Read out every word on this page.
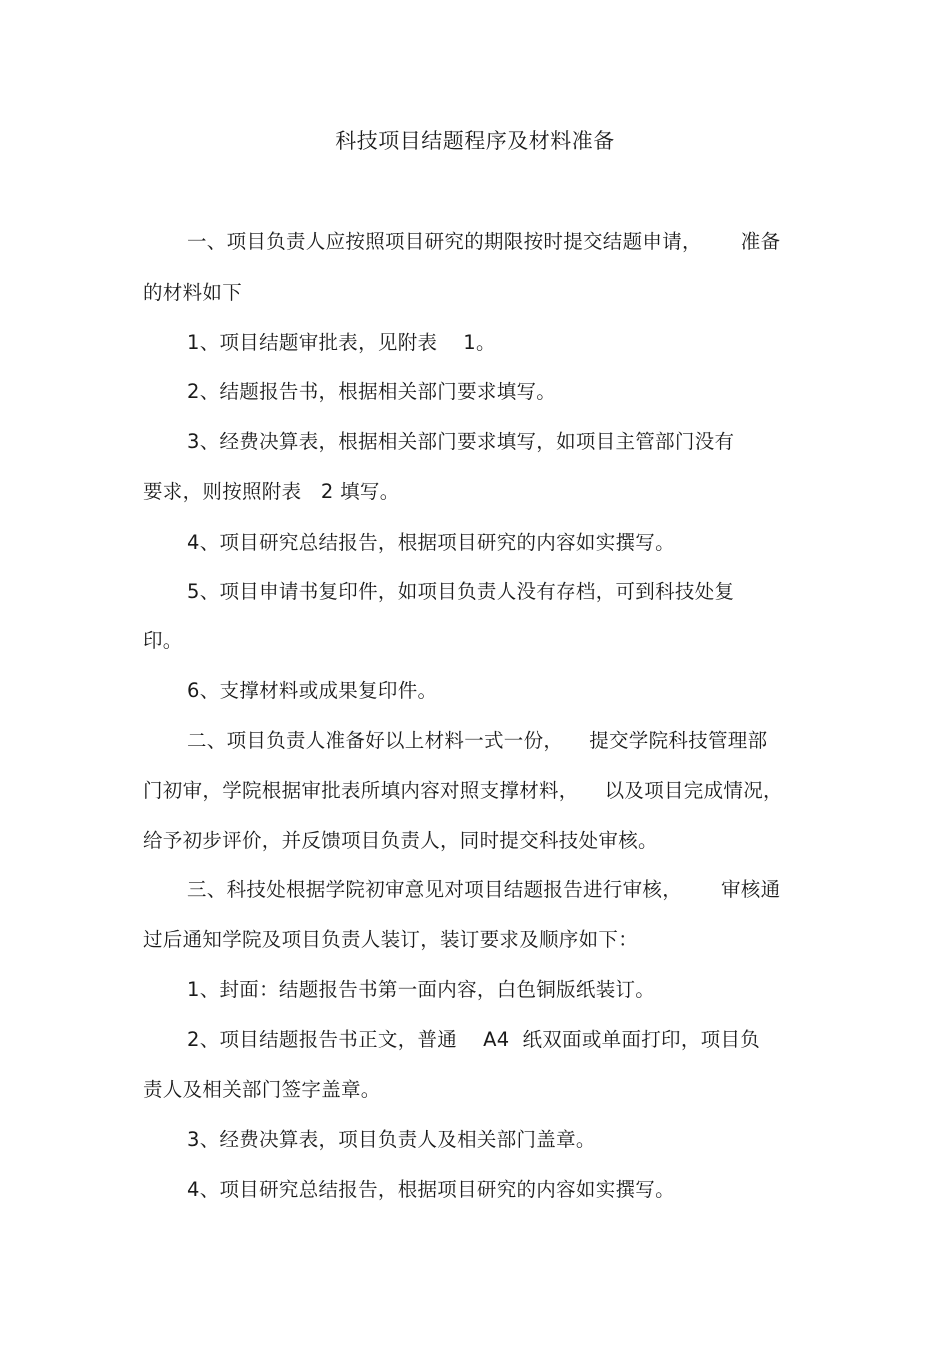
科技项目结题程序及材料准备
一、项目负责人应按照项目研究的期限按时提交结题申请，      准备
的材料如下
1、项目结题审批表，见附表    1。
2、结题报告书，根据相关部门要求填写。
3、经费决算表，根据相关部门要求填写，如项目主管部门没有
要求，则按照附表   2 填写。
4、项目研究总结报告，根据项目研究的内容如实撰写。
5、项目申请书复印件，如项目负责人没有存档，可到科技处复
印。
6、支撑材料或成果复印件。
二、项目负责人准备好以上材料一式一份，    提交学院科技管理部
门初审，学院根据审批表所填内容对照支撑材料，    以及项目完成情况，
给予初步评价，并反馈项目负责人，同时提交科技处审核。
三、科技处根据学院初审意见对项目结题报告进行审核，      审核通
过后通知学院及项目负责人装订，装订要求及顺序如下：
1、封面：结题报告书第一面内容，白色铜版纸装订。
2、项目结题报告书正文，普通    A4  纸双面或单面打印，项目负
责人及相关部门签字盖章。
3、经费决算表，项目负责人及相关部门盖章。
4、项目研究总结报告，根据项目研究的内容如实撰写。
